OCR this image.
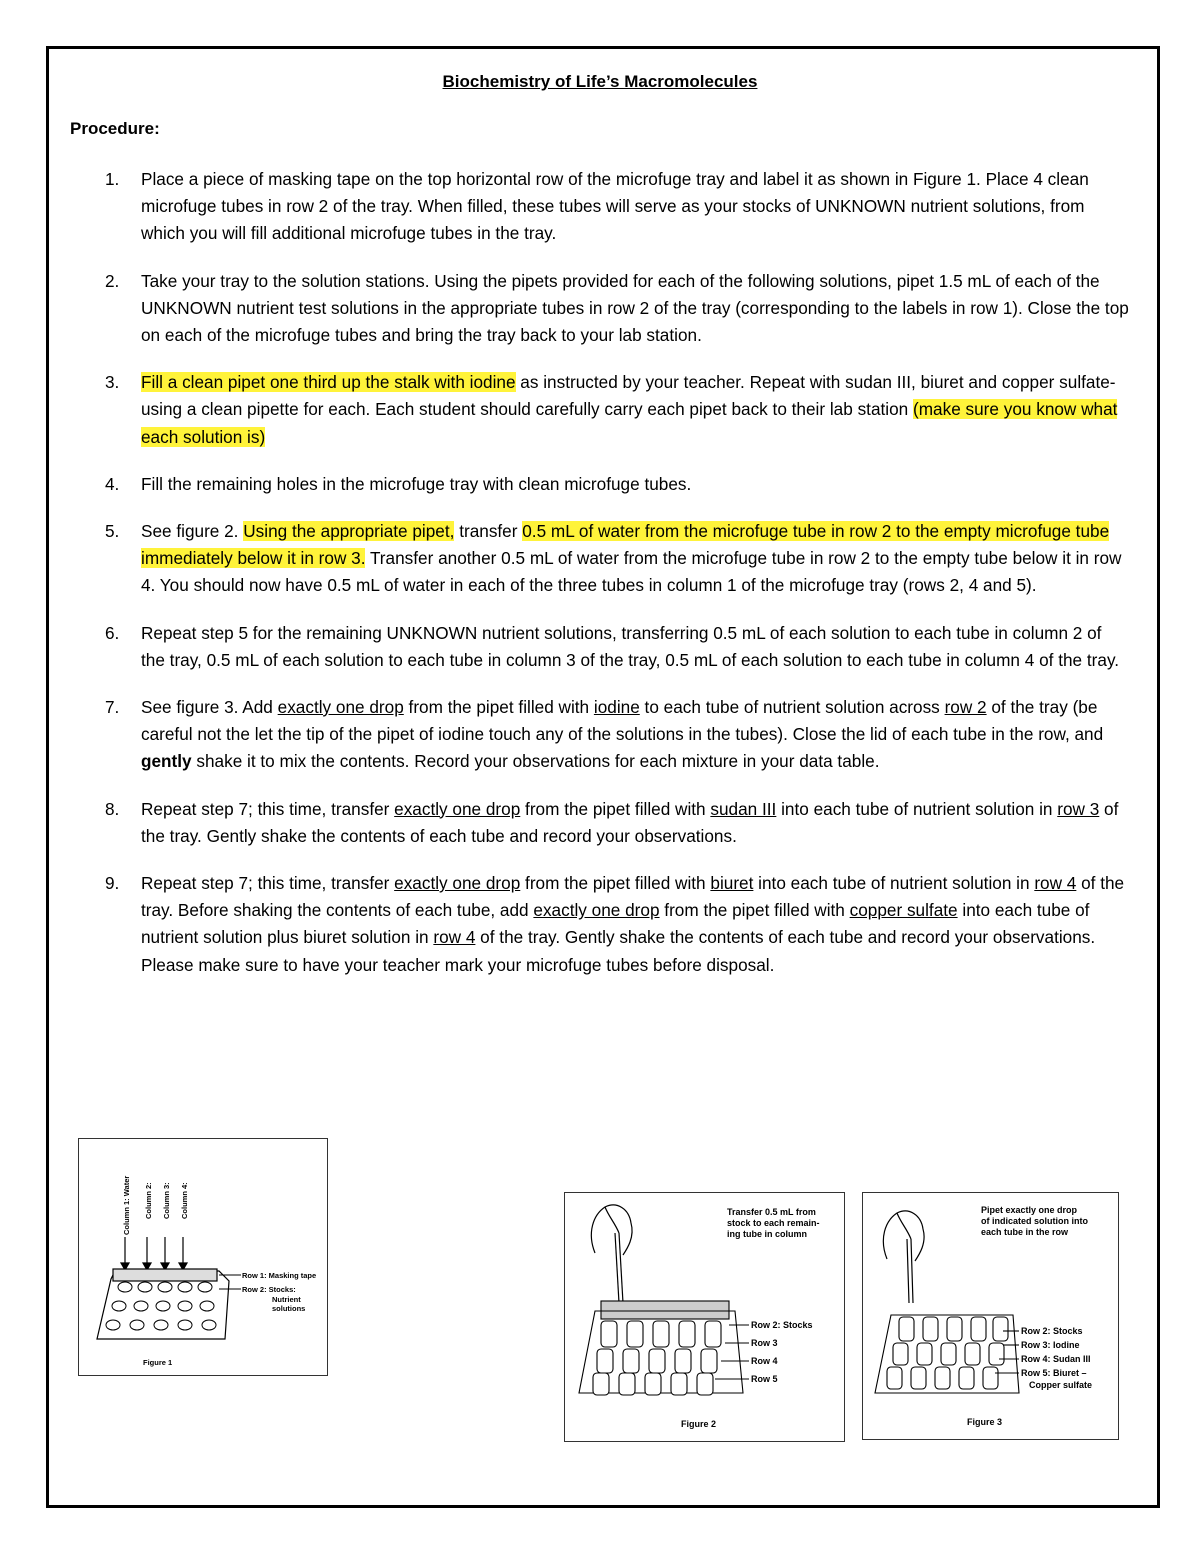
Biochemistry of Life’s Macromolecules
Procedure:
1. Place a piece of masking tape on the top horizontal row of the microfuge tray and label it as shown in Figure 1. Place 4 clean microfuge tubes in row 2 of the tray. When filled, these tubes will serve as your stocks of UNKNOWN nutrient solutions, from which you will fill additional microfuge tubes in the tray.
2. Take your tray to the solution stations. Using the pipets provided for each of the following solutions, pipet 1.5 mL of each of the UNKNOWN nutrient test solutions in the appropriate tubes in row 2 of the tray (corresponding to the labels in row 1). Close the top on each of the microfuge tubes and bring the tray back to your lab station.
3. Fill a clean pipet one third up the stalk with iodine as instructed by your teacher. Repeat with sudan III, biuret and copper sulfate-using a clean pipette for each. Each student should carefully carry each pipet back to their lab station (make sure you know what each solution is)
4. Fill the remaining holes in the microfuge tray with clean microfuge tubes.
5. See figure 2. Using the appropriate pipet, transfer 0.5 mL of water from the microfuge tube in row 2 to the empty microfuge tube immediately below it in row 3. Transfer another 0.5 mL of water from the microfuge tube in row 2 to the empty tube below it in row 4. You should now have 0.5 mL of water in each of the three tubes in column 1 of the microfuge tray (rows 2, 4 and 5).
6. Repeat step 5 for the remaining UNKNOWN nutrient solutions, transferring 0.5 mL of each solution to each tube in column 2 of the tray, 0.5 mL of each solution to each tube in column 3 of the tray, 0.5 mL of each solution to each tube in column 4 of the tray.
7. See figure 3. Add exactly one drop from the pipet filled with iodine to each tube of nutrient solution across row 2 of the tray (be careful not the let the tip of the pipet of iodine touch any of the solutions in the tubes). Close the lid of each tube in the row, and gently shake it to mix the contents. Record your observations for each mixture in your data table.
8. Repeat step 7; this time, transfer exactly one drop from the pipet filled with sudan III into each tube of nutrient solution in row 3 of the tray. Gently shake the contents of each tube and record your observations.
9. Repeat step 7; this time, transfer exactly one drop from the pipet filled with biuret into each tube of nutrient solution in row 4 of the tray. Before shaking the contents of each tube, add exactly one drop from the pipet filled with copper sulfate into each tube of nutrient solution plus biuret solution in row 4 of the tray. Gently shake the contents of each tube and record your observations. Please make sure to have your teacher mark your microfuge tubes before disposal.
Column 1: Water Column 2: Column 3: Column 4:
Row 1: Masking tape
Row 2: Stocks:
Nutrient
solutions
Figure 1
Transfer 0.5 mL from
stock to each remain-
ing tube in column
Row 2: Stocks
Row 3
Row 4
Row 5
Figure 2
Pipet exactly one drop
of indicated solution into
each tube in the row
Row 2: Stocks
Row 3: Iodine
Row 4: Sudan III
Row 5: Biuret –
Copper sulfate
Figure 3
